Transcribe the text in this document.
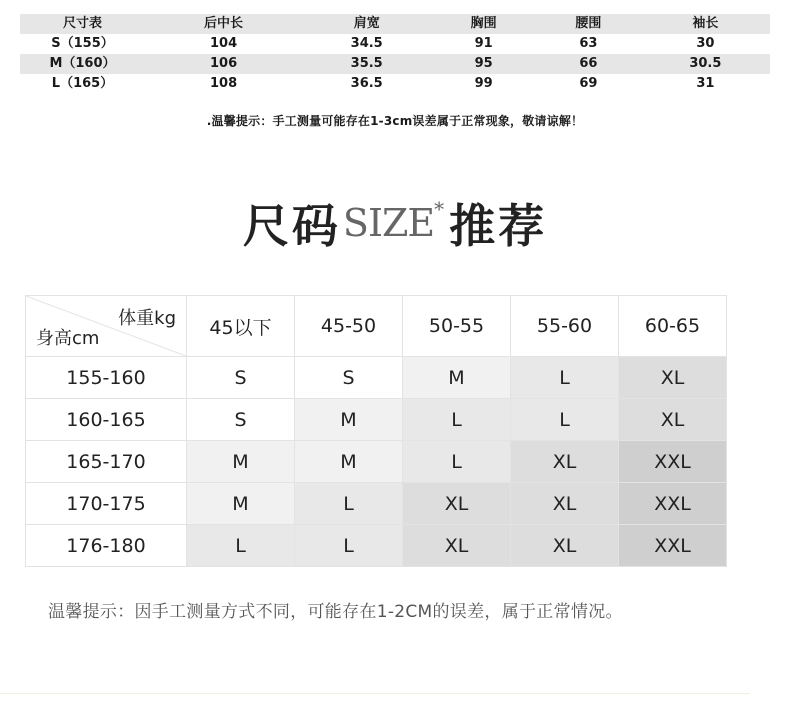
尺寸表	后中长	肩宽	胸围	腰围	袖长
S（155）	104	34.5	91	63	30
M（160）	106	35.5	95	66	30.5
L（165）	108	36.5	99	69	31
.温馨提示：手工测量可能存在1-3cm误差属于正常现象，敬请谅解！
尺码SIZE* 推荐
体重kg
身高cm	45以下	45-50	50-55	55-60	60-65
155-160	S	S	M	L	XL
160-165	S	M	L	L	XL
165-170	M	M	L	XL	XXL
170-175	M	L	XL	XL	XXL
176-180	L	L	XL	XL	XXL
温馨提示：因手工测量方式不同，可能存在1-2CM的误差，属于正常情况。
